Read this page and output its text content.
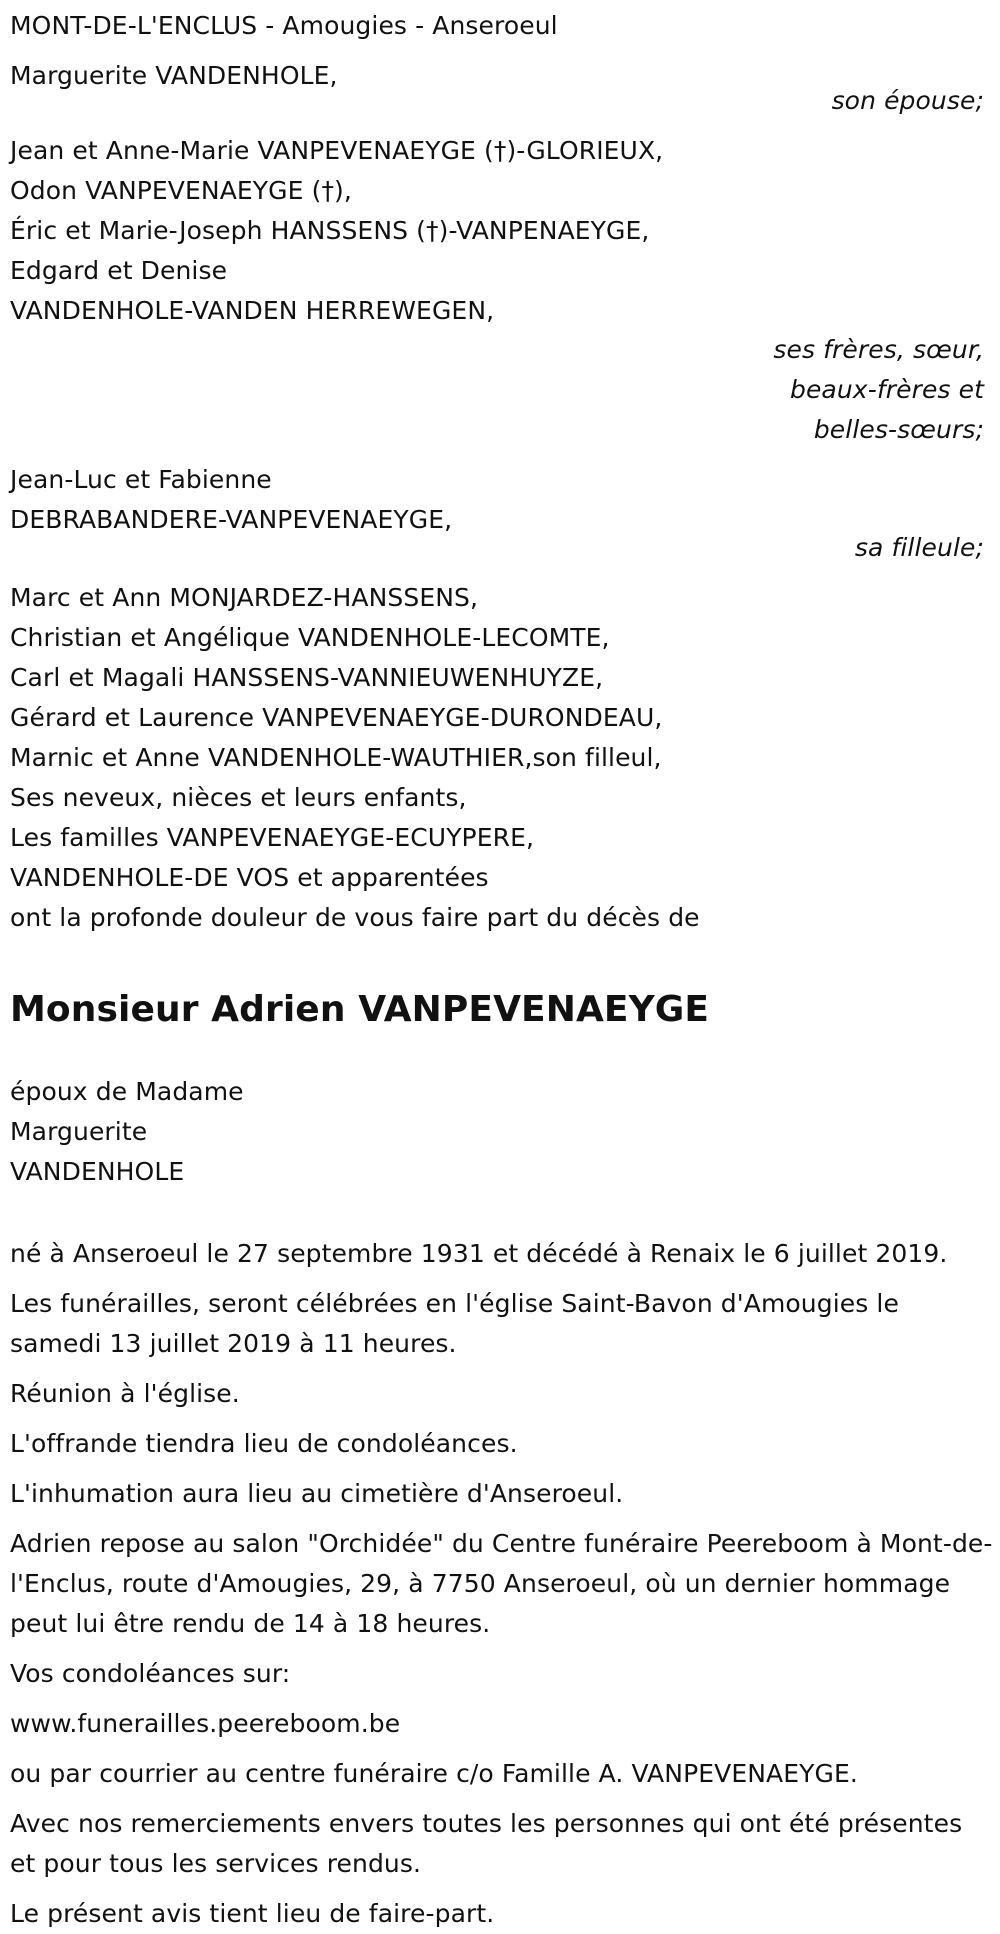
MONT-DE-L'ENCLUS - Amougies - Anseroeul
Marguerite VANDENHOLE,
son épouse;
Jean et Anne-Marie VANPEVENAEYGE (†)-GLORIEUX,
Odon VANPEVENAEYGE (†),
Éric et Marie-Joseph HANSSENS (†)-VANPENAEYGE,
Edgard et Denise
VANDENHOLE-VANDEN HERREWEGEN,
ses frères, sœur,
beaux-frères et
belles-sœurs;
Jean-Luc et Fabienne
DEBRABANDERE-VANPEVENAEYGE,
sa filleule;
Marc et Ann MONJARDEZ-HANSSENS,
Christian et Angélique VANDENHOLE-LECOMTE,
Carl et Magali HANSSENS-VANNIEUWENHUYZE,
Gérard et Laurence VANPEVENAEYGE-DURONDEAU,
Marnic et Anne VANDENHOLE-WAUTHIER,son filleul,
Ses neveux, nièces et leurs enfants,
Les familles VANPEVENAEYGE-ECUYPERE,
VANDENHOLE-DE VOS et apparentées
ont la profonde douleur de vous faire part du décès de
Monsieur Adrien VANPEVENAEYGE
époux de Madame
Marguerite
VANDENHOLE
né à Anseroeul le 27 septembre 1931 et décédé à Renaix le 6 juillet 2019.
Les funérailles, seront célébrées en l'église Saint-Bavon d'Amougies le samedi 13 juillet 2019 à 11 heures.
Réunion à l'église.
L'offrande tiendra lieu de condoléances.
L'inhumation aura lieu au cimetière d'Anseroeul.
Adrien repose au salon "Orchidée" du Centre funéraire Peereboom à Mont-de-l'Enclus, route d'Amougies, 29, à 7750 Anseroeul, où un dernier hommage peut lui être rendu de 14 à 18 heures.
Vos condoléances sur:
www.funerailles.peereboom.be
ou par courrier au centre funéraire c/o Famille A. VANPEVENAEYGE.
Avec nos remerciements envers toutes les personnes qui ont été présentes et pour tous les services rendus.
Le présent avis tient lieu de faire-part.
